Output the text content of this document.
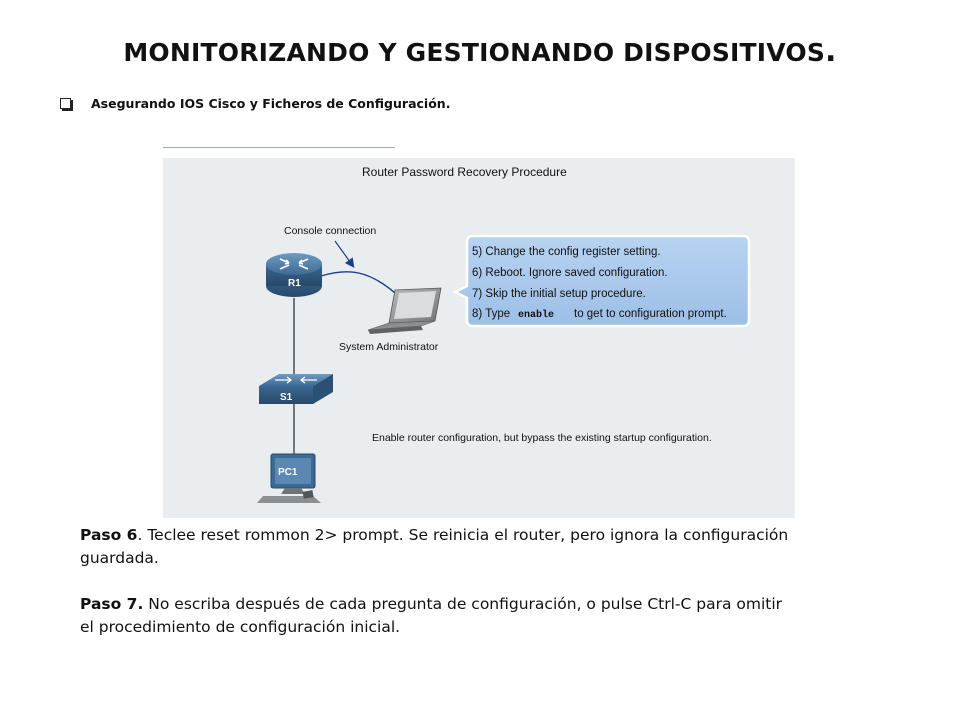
MONITORIZANDO Y GESTIONANDO DISPOSITIVOS.
Asegurando IOS Cisco y Ficheros de Configuración.
Router Password Recovery Procedure
Console connection
R1
System Administrator
5) Change the config register setting.
6) Reboot. Ignore saved configuration.
7) Skip the initial setup procedure.
8) Type enable to get to configuration prompt.
S1
PC1
Enable router configuration, but bypass the existing startup configuration.
Paso 6. Teclee reset rommon 2> prompt. Se reinicia el router, pero ignora la configuración guardada.
Paso 7. No escriba después de cada pregunta de configuración, o pulse Ctrl-C para omitir el procedimiento de configuración inicial.
